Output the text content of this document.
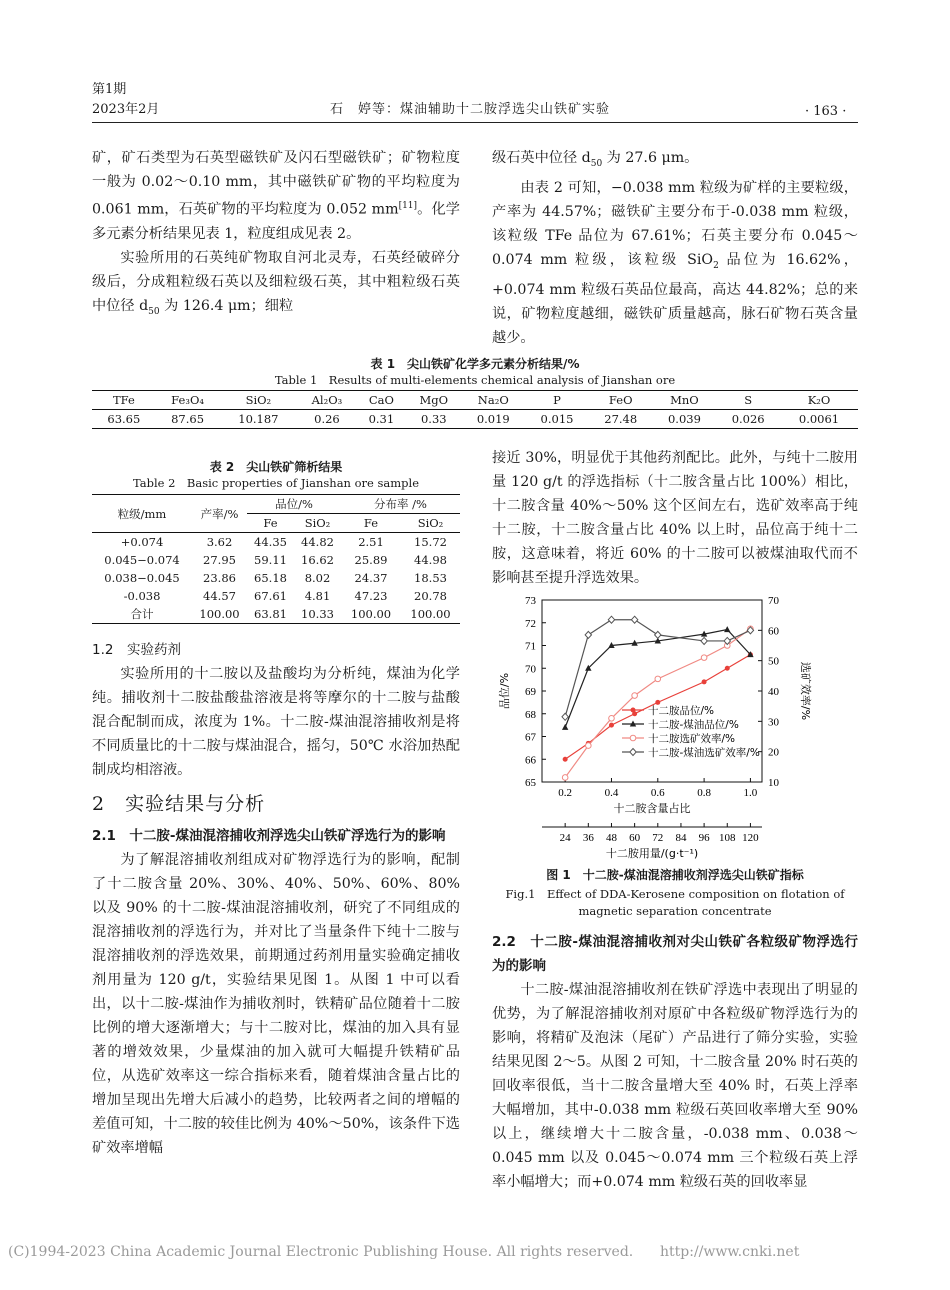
第1期
2023年2月	石　婷等：煤油辅助十二胺浮选尖山铁矿实验	· 163 ·

矿，矿石类型为石英型磁铁矿及闪石型磁铁矿；矿物粒度一般为 0.02～0.10 mm，其中磁铁矿矿物的平均粒度为 0.061 mm，石英矿物的平均粒度为 0.052 mm[11]。化学多元素分析结果见表 1，粒度组成见表 2。

实验所用的石英纯矿物取自河北灵寿，石英经破碎分级后，分成粗粒级石英以及细粒级石英，其中粗粒级石英中位径 $d_{50}$ 为 126.4 μm；细粒

级石英中位径 $d_{50}$ 为 27.6 μm。

由表 2 可知，−0.038 mm 粒级为矿样的主要粒级，产率为 44.57%；磁铁矿主要分布于-0.038 mm 粒级，该粒级 TFe 品位为 67.61%；石英主要分布 0.045～0.074 mm 粒级，该粒级 SiO$_2$ 品位为 16.62%，+0.074 mm 粒级石英品位最高，高达 44.82%；总的来说，矿物粒度越细，磁铁矿质量越高，脉石矿物石英含量越少。

表 1　尖山铁矿化学多元素分析结果/%
Table 1　Results of multi-elements chemical analysis of Jianshan ore
TFe	Fe₃O₄	SiO₂	Al₂O₃	CaO	MgO	Na₂O	P	FeO	MnO	S	K₂O
63.65	87.65	10.187	0.26	0.31	0.33	0.019	0.015	27.48	0.039	0.026	0.0061
表 2　尖山铁矿筛析结果
Table 2　Basic properties of Jianshan ore sample
粒级/mm	产率/%	品位/%		分布率 /%	
		Fe	SiO₂	Fe	SiO₂
+0.074	3.62	44.35	44.82	2.51	15.72
0.045−0.074	27.95	59.11	16.62	25.89	44.98
0.038−0.045	23.86	65.18	8.02	24.37	18.53
-0.038	44.57	67.61	4.81	47.23	20.78
合计	100.00	63.81	10.33	100.00	100.00
1.2　实验药剂

实验所用的十二胺以及盐酸均为分析纯，煤油为化学纯。捕收剂十二胺盐酸盐溶液是将等摩尔的十二胺与盐酸混合配制而成，浓度为 1%。十二胺-煤油混溶捕收剂是将不同质量比的十二胺与煤油混合，摇匀，50℃ 水浴加热配制成均相溶液。

2　实验结果与分析
2.1　十二胺-煤油混溶捕收剂浮选尖山铁矿浮选行为的影响

为了解混溶捕收剂组成对矿物浮选行为的影响，配制了十二胺含量 20%、30%、40%、50%、60%、80% 以及 90% 的十二胺-煤油混溶捕收剂，研究了不同组成的混溶捕收剂的浮选行为，并对比了当量条件下纯十二胺与混溶捕收剂的浮选效果，前期通过药剂用量实验确定捕收剂用量为 120 g/t，实验结果见图 1。从图 1 中可以看出，以十二胺-煤油作为捕收剂时，铁精矿品位随着十二胺比例的增大逐渐增大；与十二胺对比，煤油的加入具有显著的增效效果，少量煤油的加入就可大幅提升铁精矿品位，从选矿效率这一综合指标来看，随着煤油含量占比的增加呈现出先增大后减小的趋势，比较两者之间的增幅的差值可知，十二胺的较佳比例为 40%～50%，该条件下选矿效率增幅

接近 30%，明显优于其他药剂配比。此外，与纯十二胺用量 120 g/t 的浮选指标（十二胺含量占比 100%）相比，十二胺含量 40%～50% 这个区间左右，选矿效率高于纯十二胺，十二胺含量占比 40% 以上时，品位高于纯十二胺，这意味着，将近 60% 的十二胺可以被煤油取代而不影响甚至提升浮选效果。

65
66
67
68
69
70
71
72
73
10
20
30
40
50
60
70
0.2	0.4	0.6	0.8	1.0
十二胺含量占比
24 36 48 60 72 84 96 108 120
十二胺用量/(g·t⁻¹)
品位/%	选矿效率/%
十二胺品位/%
十二胺-煤油品位/%
十二胺选矿效率/%
十二胺-煤油选矿效率/%
图 1　十二胺-煤油混溶捕收剂浮选尖山铁矿指标
Fig.1　Effect of DDA-Kerosene composition on flotation of
magnetic separation concentrate
2.2　十二胺-煤油混溶捕收剂对尖山铁矿各粒级矿物浮选行为的影响

十二胺-煤油混溶捕收剂在铁矿浮选中表现出了明显的优势，为了解混溶捕收剂对原矿中各粒级矿物浮选行为的影响，将精矿及泡沫（尾矿）产品进行了筛分实验，实验结果见图 2～5。从图 2 可知，十二胺含量 20% 时石英的回收率很低，当十二胺含量增大至 40% 时，石英上浮率大幅增加，其中-0.038 mm 粒级石英回收率增大至 90% 以上，继续增大十二胺含量，-0.038 mm、0.038～0.045 mm 以及 0.045～0.074 mm 三个粒级石英上浮率小幅增大；而+0.074 mm 粒级石英的回收率显

(C)1994-2023 China Academic Journal Electronic Publishing House. All rights reserved. http://www.cnki.net
